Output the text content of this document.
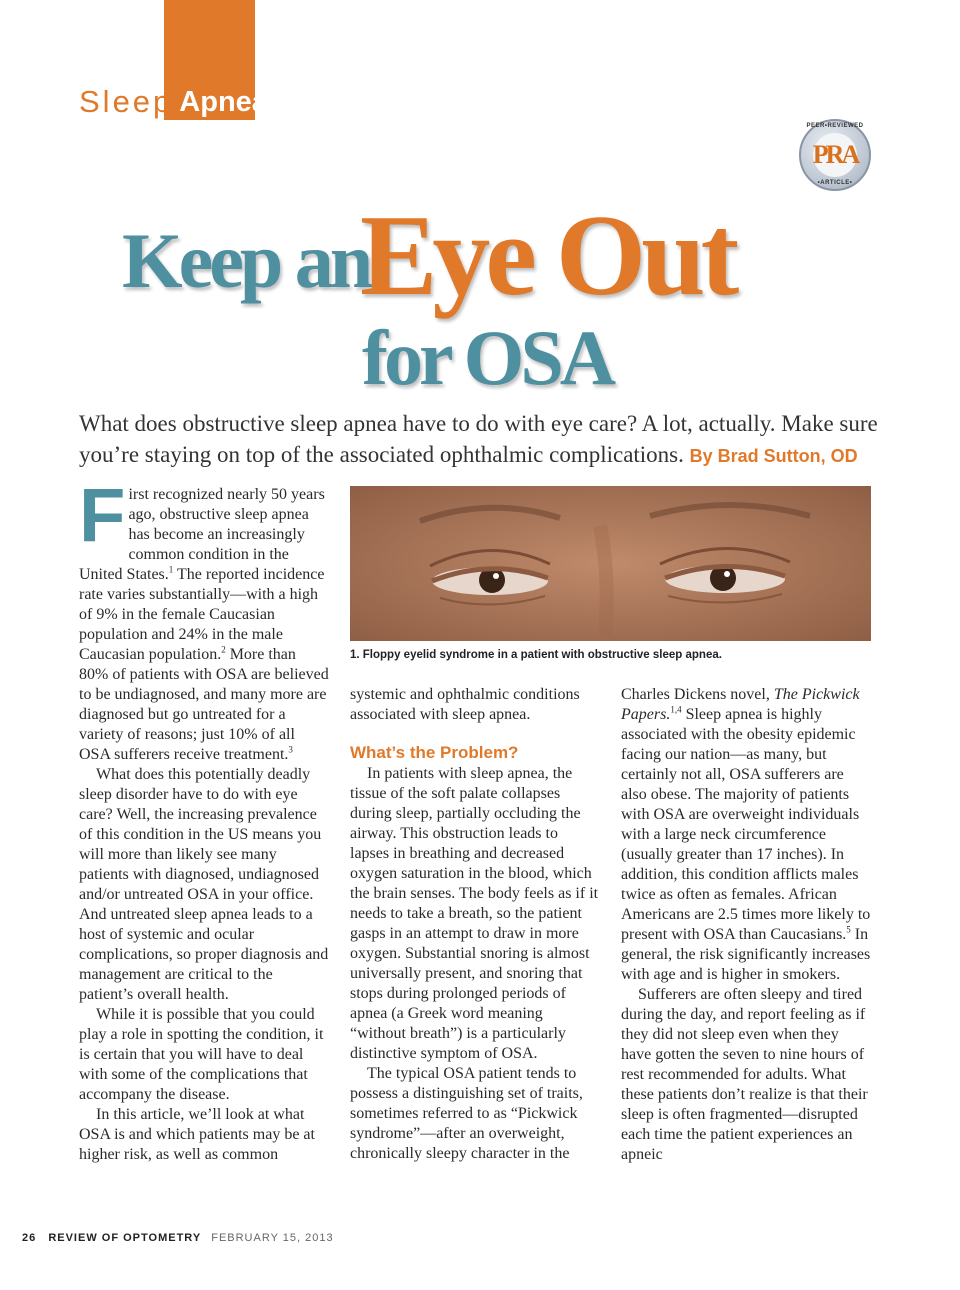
Sleep Apnea
PEER•REVIEWED
PRA
•ARTICLE•
Keep an
Eye Out
for OSA
What does obstructive sleep apnea have to do with eye care? A lot, actually. Make sure you’re staying on top of the associated ophthalmic complications. By Brad Sutton, OD
1. Floppy eyelid syndrome in a patient with obstructive sleep apnea.

First recognized nearly 50 years ago, obstructive sleep apnea has become an increasingly common condition in the United States.$^1$ The reported incidence rate varies substantially—with a high of 9% in the female Caucasian population and 24% in the male Caucasian population.$^2$ More than 80% of patients with OSA are believed to be undiagnosed, and many more are diagnosed but go untreated for a variety of reasons; just 10% of all OSA sufferers receive treatment.$^3$

What does this potentially deadly sleep disorder have to do with eye care? Well, the increasing prevalence of this condition in the US means you will more than likely see many patients with diagnosed, undiagnosed and/or untreated OSA in your office. And untreated sleep apnea leads to a host of systemic and ocular complications, so proper diagnosis and management are critical to the patient’s overall health.

While it is possible that you could play a role in spotting the condition, it is certain that you will have to deal with some of the complications that accompany the disease.

In this article, we’ll look at what OSA is and which patients may be at higher risk, as well as common

systemic and ophthalmic conditions associated with sleep apnea.

What’s the Problem?

In patients with sleep apnea, the tissue of the soft palate collapses during sleep, partially occluding the airway. This obstruction leads to lapses in breathing and decreased oxygen saturation in the blood, which the brain senses. The body feels as if it needs to take a breath, so the patient gasps in an attempt to draw in more oxygen. Substantial snoring is almost universally present, and snoring that stops during prolonged periods of apnea (a Greek word meaning “without breath”) is a particularly distinctive symptom of OSA.

The typical OSA patient tends to possess a distinguishing set of traits, sometimes referred to as “Pickwick syndrome”—after an overweight, chronically sleepy character in the

Charles Dickens novel, The Pickwick Papers.$^{1,4}$ Sleep apnea is highly associated with the obesity epidemic facing our nation—as many, but certainly not all, OSA sufferers are also obese. The majority of patients with OSA are overweight individuals with a large neck circumference (usually greater than 17 inches). In addition, this condition afflicts males twice as often as females. African Americans are 2.5 times more likely to present with OSA than Caucasians.$^5$ In general, the risk significantly increases with age and is higher in smokers.

Sufferers are often sleepy and tired during the day, and report feeling as if they did not sleep even when they have gotten the seven to nine hours of rest recommended for adults. What these patients don’t realize is that their sleep is often fragmented—disrupted each time the patient experiences an apneic

26 REVIEW OF OPTOMETRY FEBRUARY 15, 2013
